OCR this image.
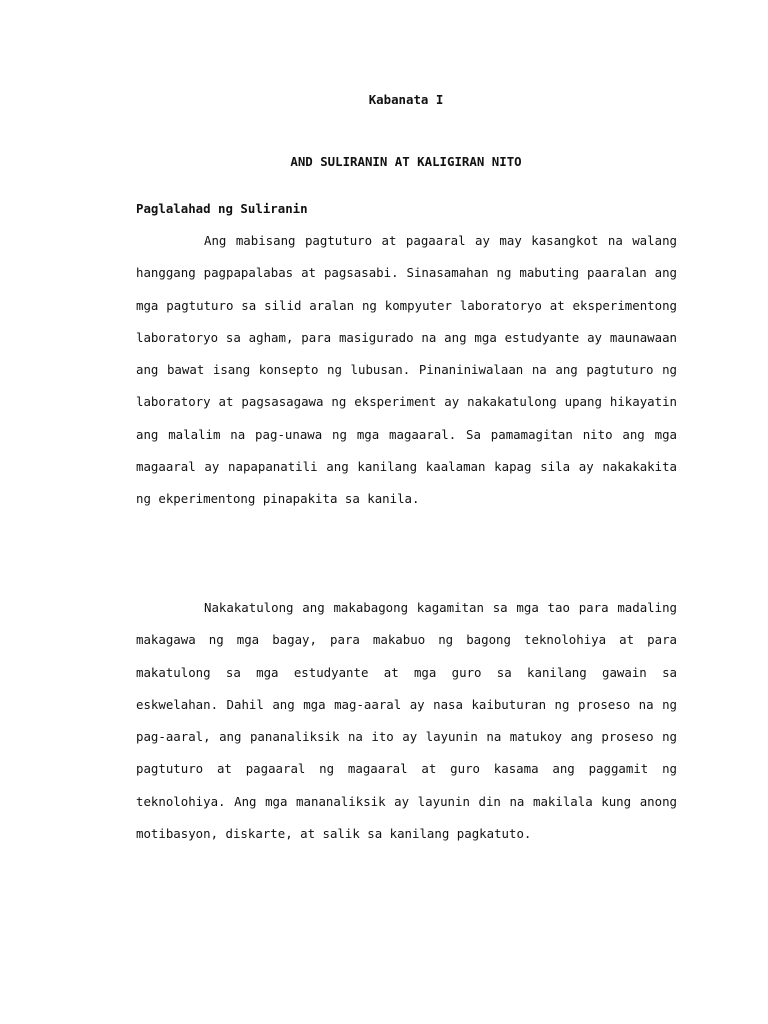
Kabanata I
AND SULIRANIN AT KALIGIRAN NITO
Paglalahad ng Suliranin

Ang mabisang pagtuturo at pagaaral ay may kasangkot na walang hanggang pagpapalabas at pagsasabi. Sinasamahan ng mabuting paaralan ang mga pagtuturo sa silid aralan ng kompyuter laboratoryo at eksperimentong laboratoryo sa agham, para masigurado na ang mga estudyante ay maunawaan ang bawat isang konsepto ng lubusan. Pinaniniwalaan na ang pagtuturo ng laboratory at pagsasagawa ng eksperiment ay nakakatulong upang hikayatin ang malalim na pag-unawa ng mga magaaral. Sa pamamagitan nito ang mga magaaral ay napapanatili ang kanilang kaalaman kapag sila ay nakakakita ng ekperimentong pinapakita sa kanila.

Nakakatulong ang makabagong kagamitan sa mga tao para madaling makagawa ng mga bagay, para makabuo ng bagong teknolohiya at para makatulong sa mga estudyante at mga guro sa kanilang gawain sa eskwelahan. Dahil ang mga mag-aaral ay nasa kaibuturan ng proseso na ng pag-aaral, ang pananaliksik na ito ay layunin na matukoy ang proseso ng pagtuturo at pagaaral ng magaaral at guro kasama ang paggamit ng teknolohiya. Ang mga mananaliksik ay layunin din na makilala kung anong motibasyon, diskarte, at salik sa kanilang pagkatuto.
